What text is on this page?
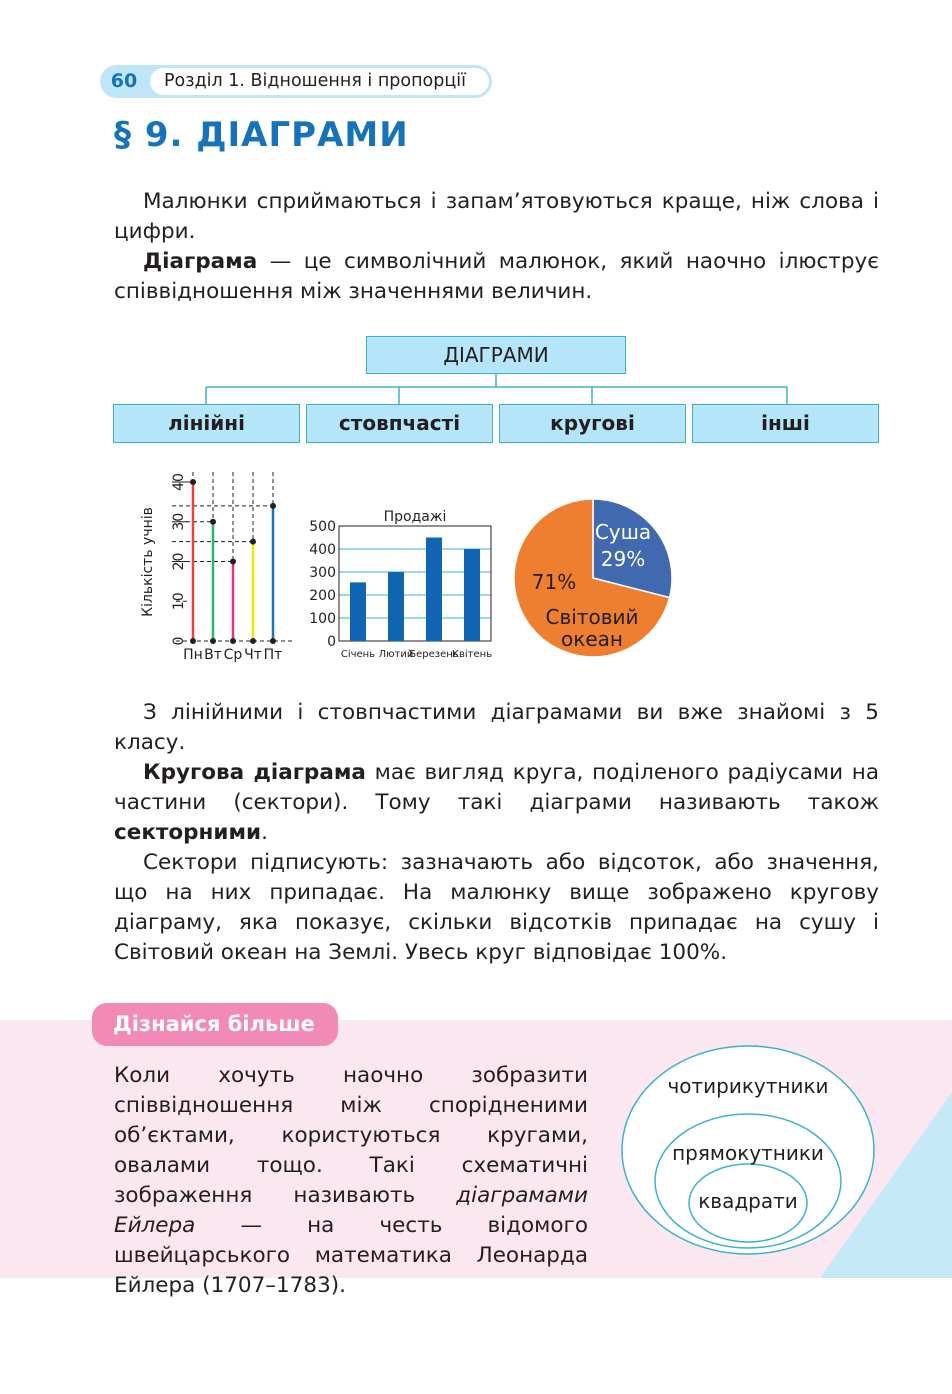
60	Розділ 1. Відношення і пропорції
§ 9. ДІАГРАМИ

Малюнки сприймаються і запам’ятовуються краще, ніж слова і цифри.

Діаграма — це символічний малюнок, який наочно ілюструє співвідношення між значеннями величин.

ДІАГРАМИ
лінійні	стовпчасті	кругові	інші
Пн Вт Ср Чт Пт
0
10
20
30
40
Кількість учнів
0
100
200
300
400
500
Січень Лютий
Березень
Квітень
Продажі
Суша
29%
71%
Світовий
океан

З лінійними і стовпчастими діаграмами ви вже знайомі з 5 класу.

Кругова діаграма має вигляд круга, поділеного радіусами на частини (сектори). Тому такі діаграми називають також секторними.

Сектори підписують: зазначають або відсоток, або значення, що на них припадає. На малюнку вище зображено кругову діаграму, яка показує, скільки відсотків припадає на сушу і Світовий океан на Землі. Увесь круг відповідає 100%.

Дізнайся більше
Коли хочуть наочно зобразити співвідношення між спорідненими об’єктами, користуються кругами, овалами тощо. Такі схематичні зображення називають діаграмами Ейлера — на честь відомого швейцарського математика Леонарда Ейлера (1707–1783).
чотирикутники
прямокутники
квадрати
